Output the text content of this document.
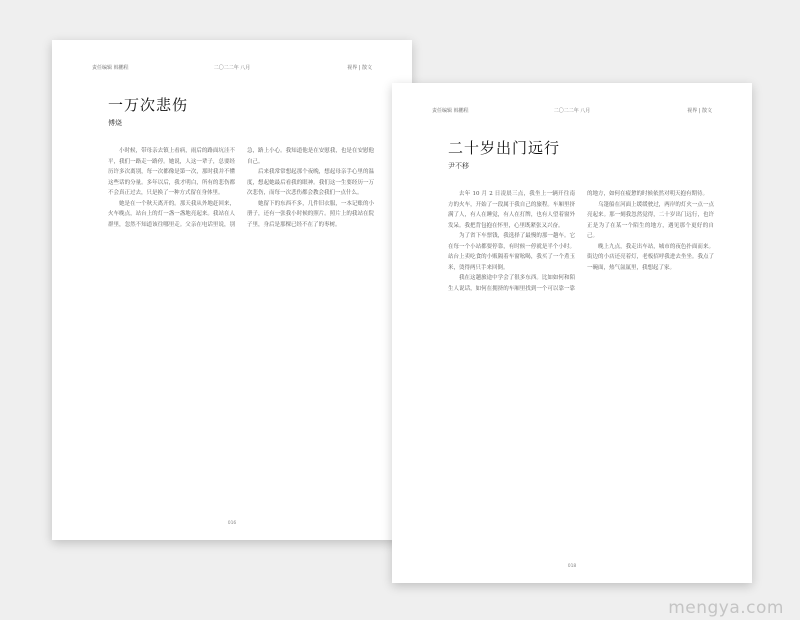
责任编辑 韩鹏程	二〇二二年 八月	视界 | 散文
一万次悲伤
傅烧

小时候，带母亲去镇上看病，雨后的路面坑洼不平，我们一路走一路停。她说，人这一辈子，总要经历许多次离别，每一次都像是第一次，那时我并不懂这些话的分量。多年以后，我才明白，所有的悲伤都不会真正过去，只是换了一种方式留在身体里。

她是在一个秋天离开的。那天我从外地赶回来，火车晚点，站台上的灯一盏一盏地亮起来。我站在人群里，忽然不知道该往哪里走。父亲在电话里说，别急，路上小心。我知道他是在安慰我，也是在安慰他自己。

后来我常常想起那个夜晚，想起母亲手心里的温度，想起她最后看我的眼神。我们这一生要经历一万次悲伤，而每一次悲伤都会教会我们一点什么。

她留下的东西不多，几件旧衣服，一本记账的小册子，还有一张我小时候的照片。照片上的我站在院子里，身后是那棵已经不在了的枣树。

016
责任编辑 韩鹏程	二〇二二年 八月	视界 | 散文
二十岁出门远行
尹不移

去年 10 月 2 日凌晨三点，我坐上一辆开往南方的火车，开始了一段属于我自己的旅程。车厢里挤满了人，有人在睡觉，有人在打牌，也有人望着窗外发呆。我把背包抱在怀里，心里既紧张又兴奋。

为了省下车票钱，我选择了最慢的那一趟车。它在每一个小站都要停靠，有时候一停就是半个小时。站台上卖吃食的小贩隔着车窗吆喝，我买了一个煮玉米，烫得两只手来回倒。

我在这趟旅途中学会了很多东西。比如如何和陌生人说话，如何在拥挤的车厢里找到一个可以靠一靠的地方，如何在疲惫的时候依然对明天抱有期待。

乌篷船在河面上缓缓驶过，两岸的灯火一点一点亮起来。那一刻我忽然觉得，二十岁出门远行，也许正是为了在某一个陌生的地方，遇见那个更好的自己。

晚上九点，我走出车站，城市的夜色扑面而来。街边的小店还亮着灯，老板招呼我进去坐坐。我点了一碗面，热气氤氲里，我想起了家。

018
mengya.com
